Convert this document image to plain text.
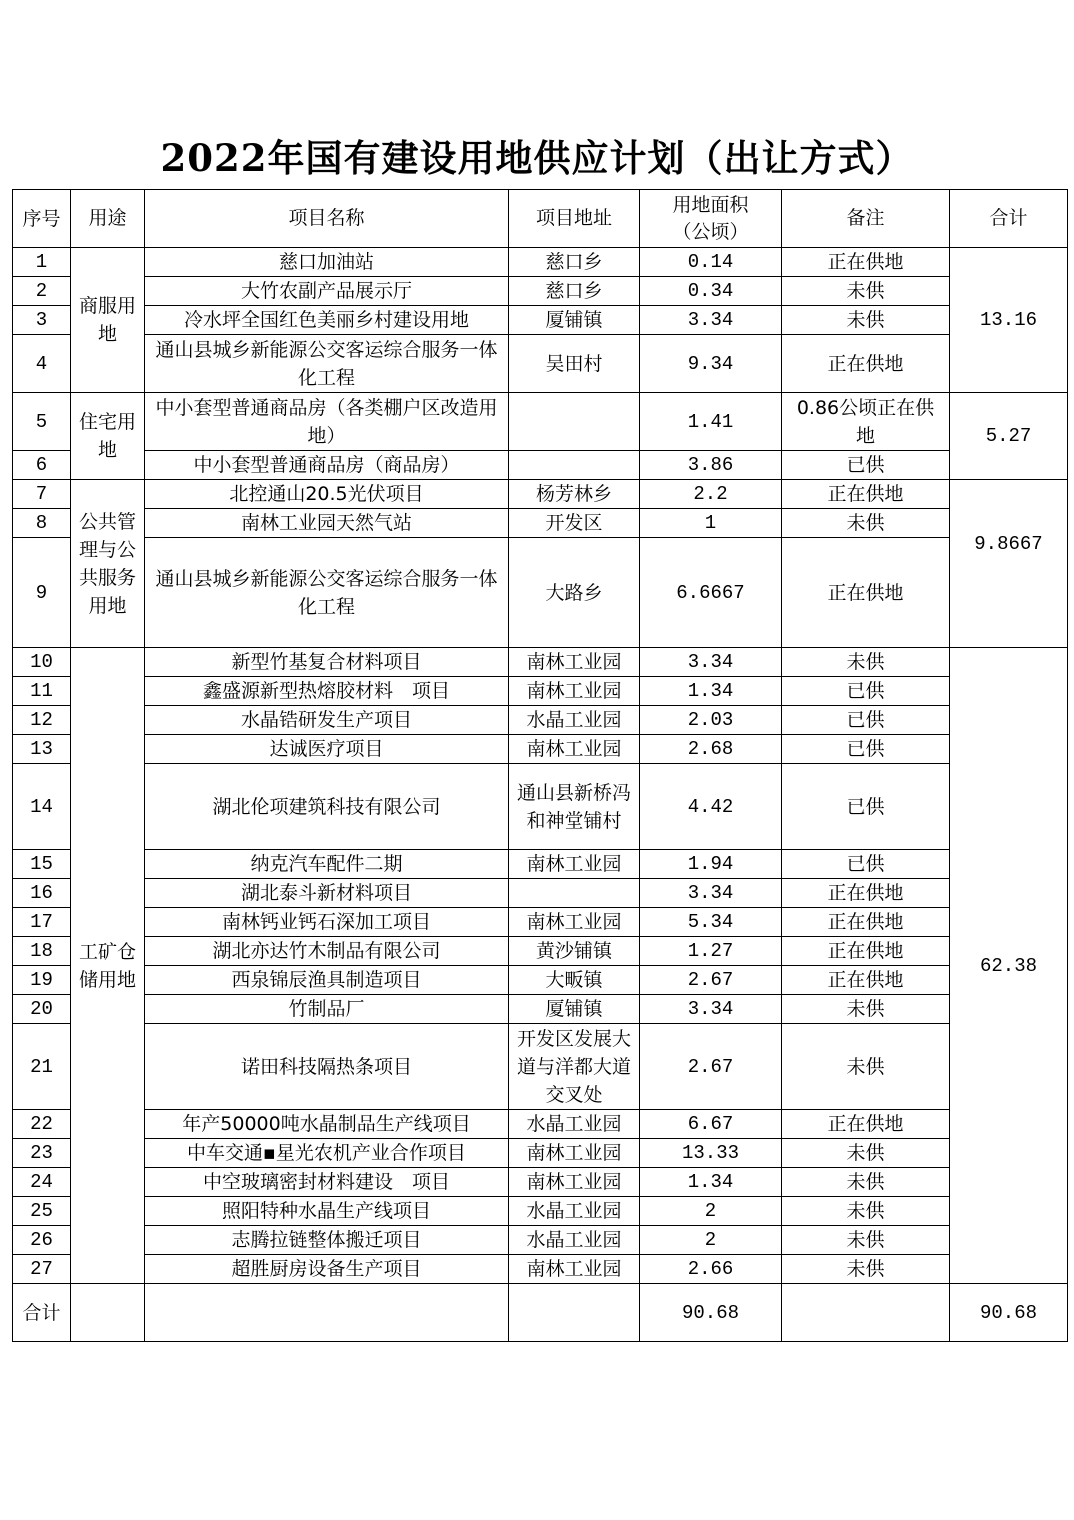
2022年国有建设用地供应计划（出让方式）
序号	用途	项目名称	项目地址	用地面积（公顷）	备注	合计
1	商服用地	慈口加油站	慈口乡	0.14	正在供地	13.16
2		大竹农副产品展示厅	慈口乡	0.34	未供	
3		冷水坪全国红色美丽乡村建设用地	厦铺镇	3.34	未供	
4		通山县城乡新能源公交客运综合服务一体化工程	吴田村	9.34	正在供地	
5	住宅用地	中小套型普通商品房（各类棚户区改造用地）		1.41	0.86公顷正在供地	5.27
6		中小套型普通商品房（商品房）		3.86	已供	
7	公共管理与公共服务用地	北控通山20.5光伏项目	杨芳林乡	2.2	正在供地	9.8667
8		南林工业园天然气站	开发区	1	未供	
9		通山县城乡新能源公交客运综合服务一体化工程	大路乡	6.6667	正在供地	
10	工矿仓储用地	新型竹基复合材料项目	南林工业园	3.34	未供	62.38
11		鑫盛源新型热熔胶材料　项目	南林工业园	1.34	已供	
12		水晶锆研发生产项目	水晶工业园	2.03	已供	
13		达诚医疗项目	南林工业园	2.68	已供	
14		湖北伦项建筑科技有限公司	通山县新桥冯和神堂铺村	4.42	已供	
15		纳克汽车配件二期	南林工业园	1.94	已供	
16		湖北泰斗新材料项目		3.34	正在供地	
17		南林钙业钙石深加工项目	南林工业园	5.34	正在供地	
18		湖北亦达竹木制品有限公司	黄沙铺镇	1.27	正在供地	
19		西泉锦辰渔具制造项目	大畈镇	2.67	正在供地	
20		竹制品厂	厦铺镇	3.34	未供	
21		诺田科技隔热条项目	开发区发展大道与洋都大道交叉处	2.67	未供	
22		年产50000吨水晶制品生产线项目	水晶工业园	6.67	正在供地	
23		中车交通▪星光农机产业合作项目	南林工业园	13.33	未供	
24		中空玻璃密封材料建设　项目	南林工业园	1.34	未供	
25		照阳特种水晶生产线项目	水晶工业园	2	未供	
26		志腾拉链整体搬迁项目	水晶工业园	2	未供	
27		超胜厨房设备生产项目	南林工业园	2.66	未供	
合计				90.68		90.68
